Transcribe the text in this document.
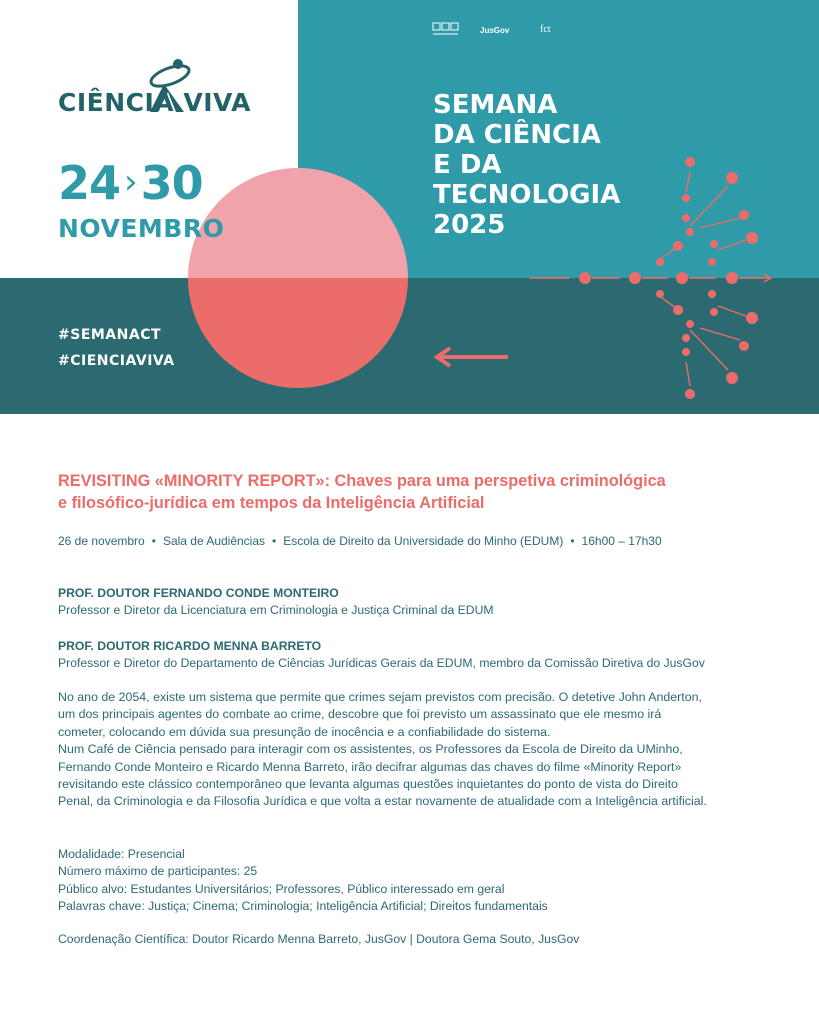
JusGov	fct
CIÊNCIA VIVA
24 ›30
NOVEMBRO
SEMANA
DA CIÊNCIA
E DA
TECNOLOGIA
2025
#SEMANACT
#CIENCIAVIVA
REVISITING «MINORITY REPORT»: Chaves para uma perspetiva criminológica
e filosófico-jurídica em tempos da Inteligência Artificial
26 de novembro • Sala de Audiências • Escola de Direito da Universidade do Minho (EDUM) • 16h00 – 17h30
PROF. DOUTOR FERNANDO CONDE MONTEIRO
Professor e Diretor da Licenciatura em Criminologia e Justiça Criminal da EDUM
PROF. DOUTOR RICARDO MENNA BARRETO
Professor e Diretor do Departamento de Ciências Jurídicas Gerais da EDUM, membro da Comissão Diretiva do JusGov
No ano de 2054, existe um sistema que permite que crimes sejam previstos com precisão. O detetive John Anderton,
um dos principais agentes do combate ao crime, descobre que foi previsto um assassinato que ele mesmo irá
cometer, colocando em dúvida sua presunção de inocência e a confiabilidade do sistema.
Num Café de Ciência pensado para interagir com os assistentes, os Professores da Escola de Direito da UMinho,
Fernando Conde Monteiro e Ricardo Menna Barreto, irão decifrar algumas das chaves do filme «Minority Report»
revisitando este clássico contemporâneo que levanta algumas questões inquietantes do ponto de vista do Direito
Penal, da Criminologia e da Filosofia Jurídica e que volta a estar novamente de atualidade com a Inteligência artificial.
Modalidade: Presencial
Número máximo de participantes: 25
Público alvo: Estudantes Universitários; Professores, Público interessado em geral
Palavras chave: Justiça; Cinema; Criminologia; Inteligência Artificial; Direitos fundamentais
Coordenação Científica: Doutor Ricardo Menna Barreto, JusGov | Doutora Gema Souto, JusGov
